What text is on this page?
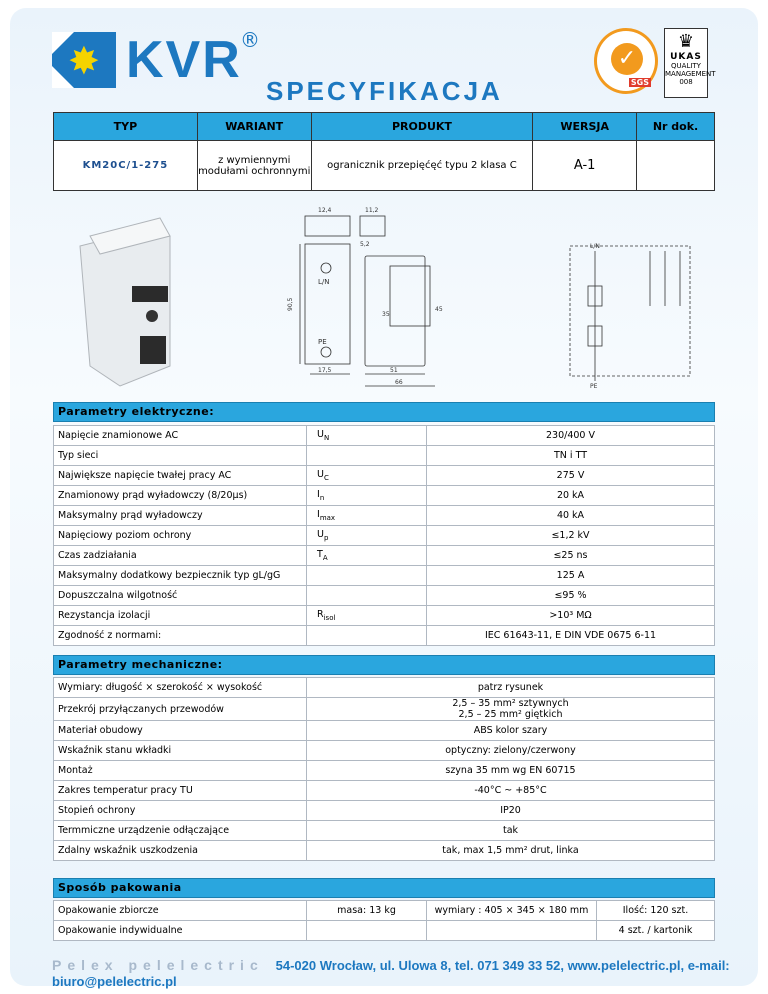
✸ KVR
®
SPECYFIKACJA
✓
SGS
♛
UKAS
QUALITY MANAGEMENT
008
TYP	WARIANT	PRODUKT	WERSJA	Nr dok.
KM20C/1-275	z wymiennymi modułami ochronnymi	ogranicznik przepięćęć typu 2 klasa C	A-1	
12,4	11,2
5,2
90,5
35
45
51
66
17,5
L/N
PE
L/N
PE
Parametry elektryczne:
Napięcie znamionowe AC	$U_N$	230/400 V
Typ sieci		TN i TT
Największe napięcie twałej pracy AC	$U_C$	275 V
Znamionowy prąd wyładowczy (8/20µs)	$I_n$	20 kA
Maksymalny prąd wyładowczy	$I_{max}$	40 kA
Napięciowy poziom ochrony	$U_p$	≤1,2 kV
Czas zadziałania	$T_A$	≤25 ns
Maksymalny dodatkowy bezpiecznik typ gL/gG		125 A
Dopuszczalna wilgotność		≤95 %
Rezystancja izolacji	$R_{isol}$	>10³ MΩ
Zgodność z normami:		IEC 61643-11, E DIN VDE 0675 6-11
Parametry mechaniczne:
Wymiary: długość × szerokość × wysokość	patrz rysunek

Przekrój przyłączanych przewodów	2,5 – 35 mm² sztywnych
2,5 – 25 mm² giętkich

Materiał obudowy	ABS kolor szary

Wskaźnik stanu wkładki	optyczny: zielony/czerwony

Montaż	szyna 35 mm wg EN 60715

Zakres temperatur pracy TU	-40°C ~ +85°C

Stopień ochrony	IP20

Termmiczne urządzenie odłączające	tak

Zdalny wskaźnik uszkodzenia	tak, max 1,5 mm² drut, linka
Sposób pakowania
Opakowanie zbiorcze	masa: 13 kg	wymiary : 405 × 345 × 180 mm	Ilość: 120 szt.
Opakowanie indywidualne			4 szt. / kartonik
Pelex pelelectric 54-020 Wrocław, ul. Ulowa 8, tel. 071 349 33 52, www.pelelectric.pl, e-mail: biuro@pelelectric.pl
